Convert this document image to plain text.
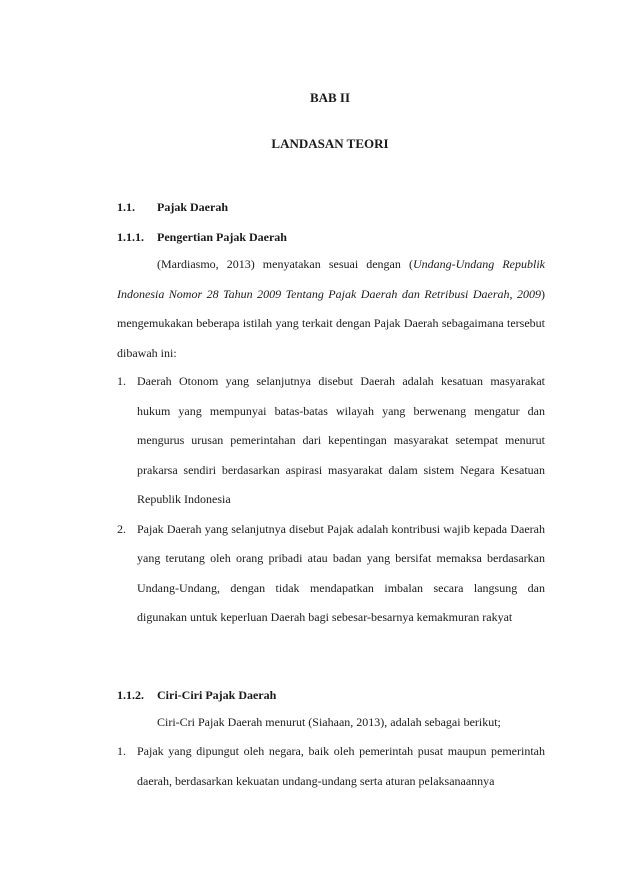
BAB II
LANDASAN TEORI
1.1. Pajak Daerah
1.1.1. Pengertian Pajak Daerah

(Mardiasmo, 2013) menyatakan sesuai dengan (Undang-Undang Republik Indonesia Nomor 28 Tahun 2009 Tentang Pajak Daerah dan Retribusi Daerah, 2009) mengemukakan beberapa istilah yang terkait dengan Pajak Daerah sebagaimana tersebut dibawah ini:

1. Daerah Otonom yang selanjutnya disebut Daerah adalah kesatuan masyarakat hukum yang mempunyai batas-batas wilayah yang berwenang mengatur dan mengurus urusan pemerintahan dari kepentingan masyarakat setempat menurut prakarsa sendiri berdasarkan aspirasi masyarakat dalam sistem Negara Kesatuan Republik Indonesia
2. Pajak Daerah yang selanjutnya disebut Pajak adalah kontribusi wajib kepada Daerah yang terutang oleh orang pribadi atau badan yang bersifat memaksa berdasarkan Undang-Undang, dengan tidak mendapatkan imbalan secara langsung dan digunakan untuk keperluan Daerah bagi sebesar-besarnya kemakmuran rakyat
1.1.2. Ciri-Ciri Pajak Daerah

Ciri-Cri Pajak Daerah menurut (Siahaan, 2013), adalah sebagai berikut;

1. Pajak yang dipungut oleh negara, baik oleh pemerintah pusat maupun pemerintah daerah, berdasarkan kekuatan undang-undang serta aturan pelaksanaannya
